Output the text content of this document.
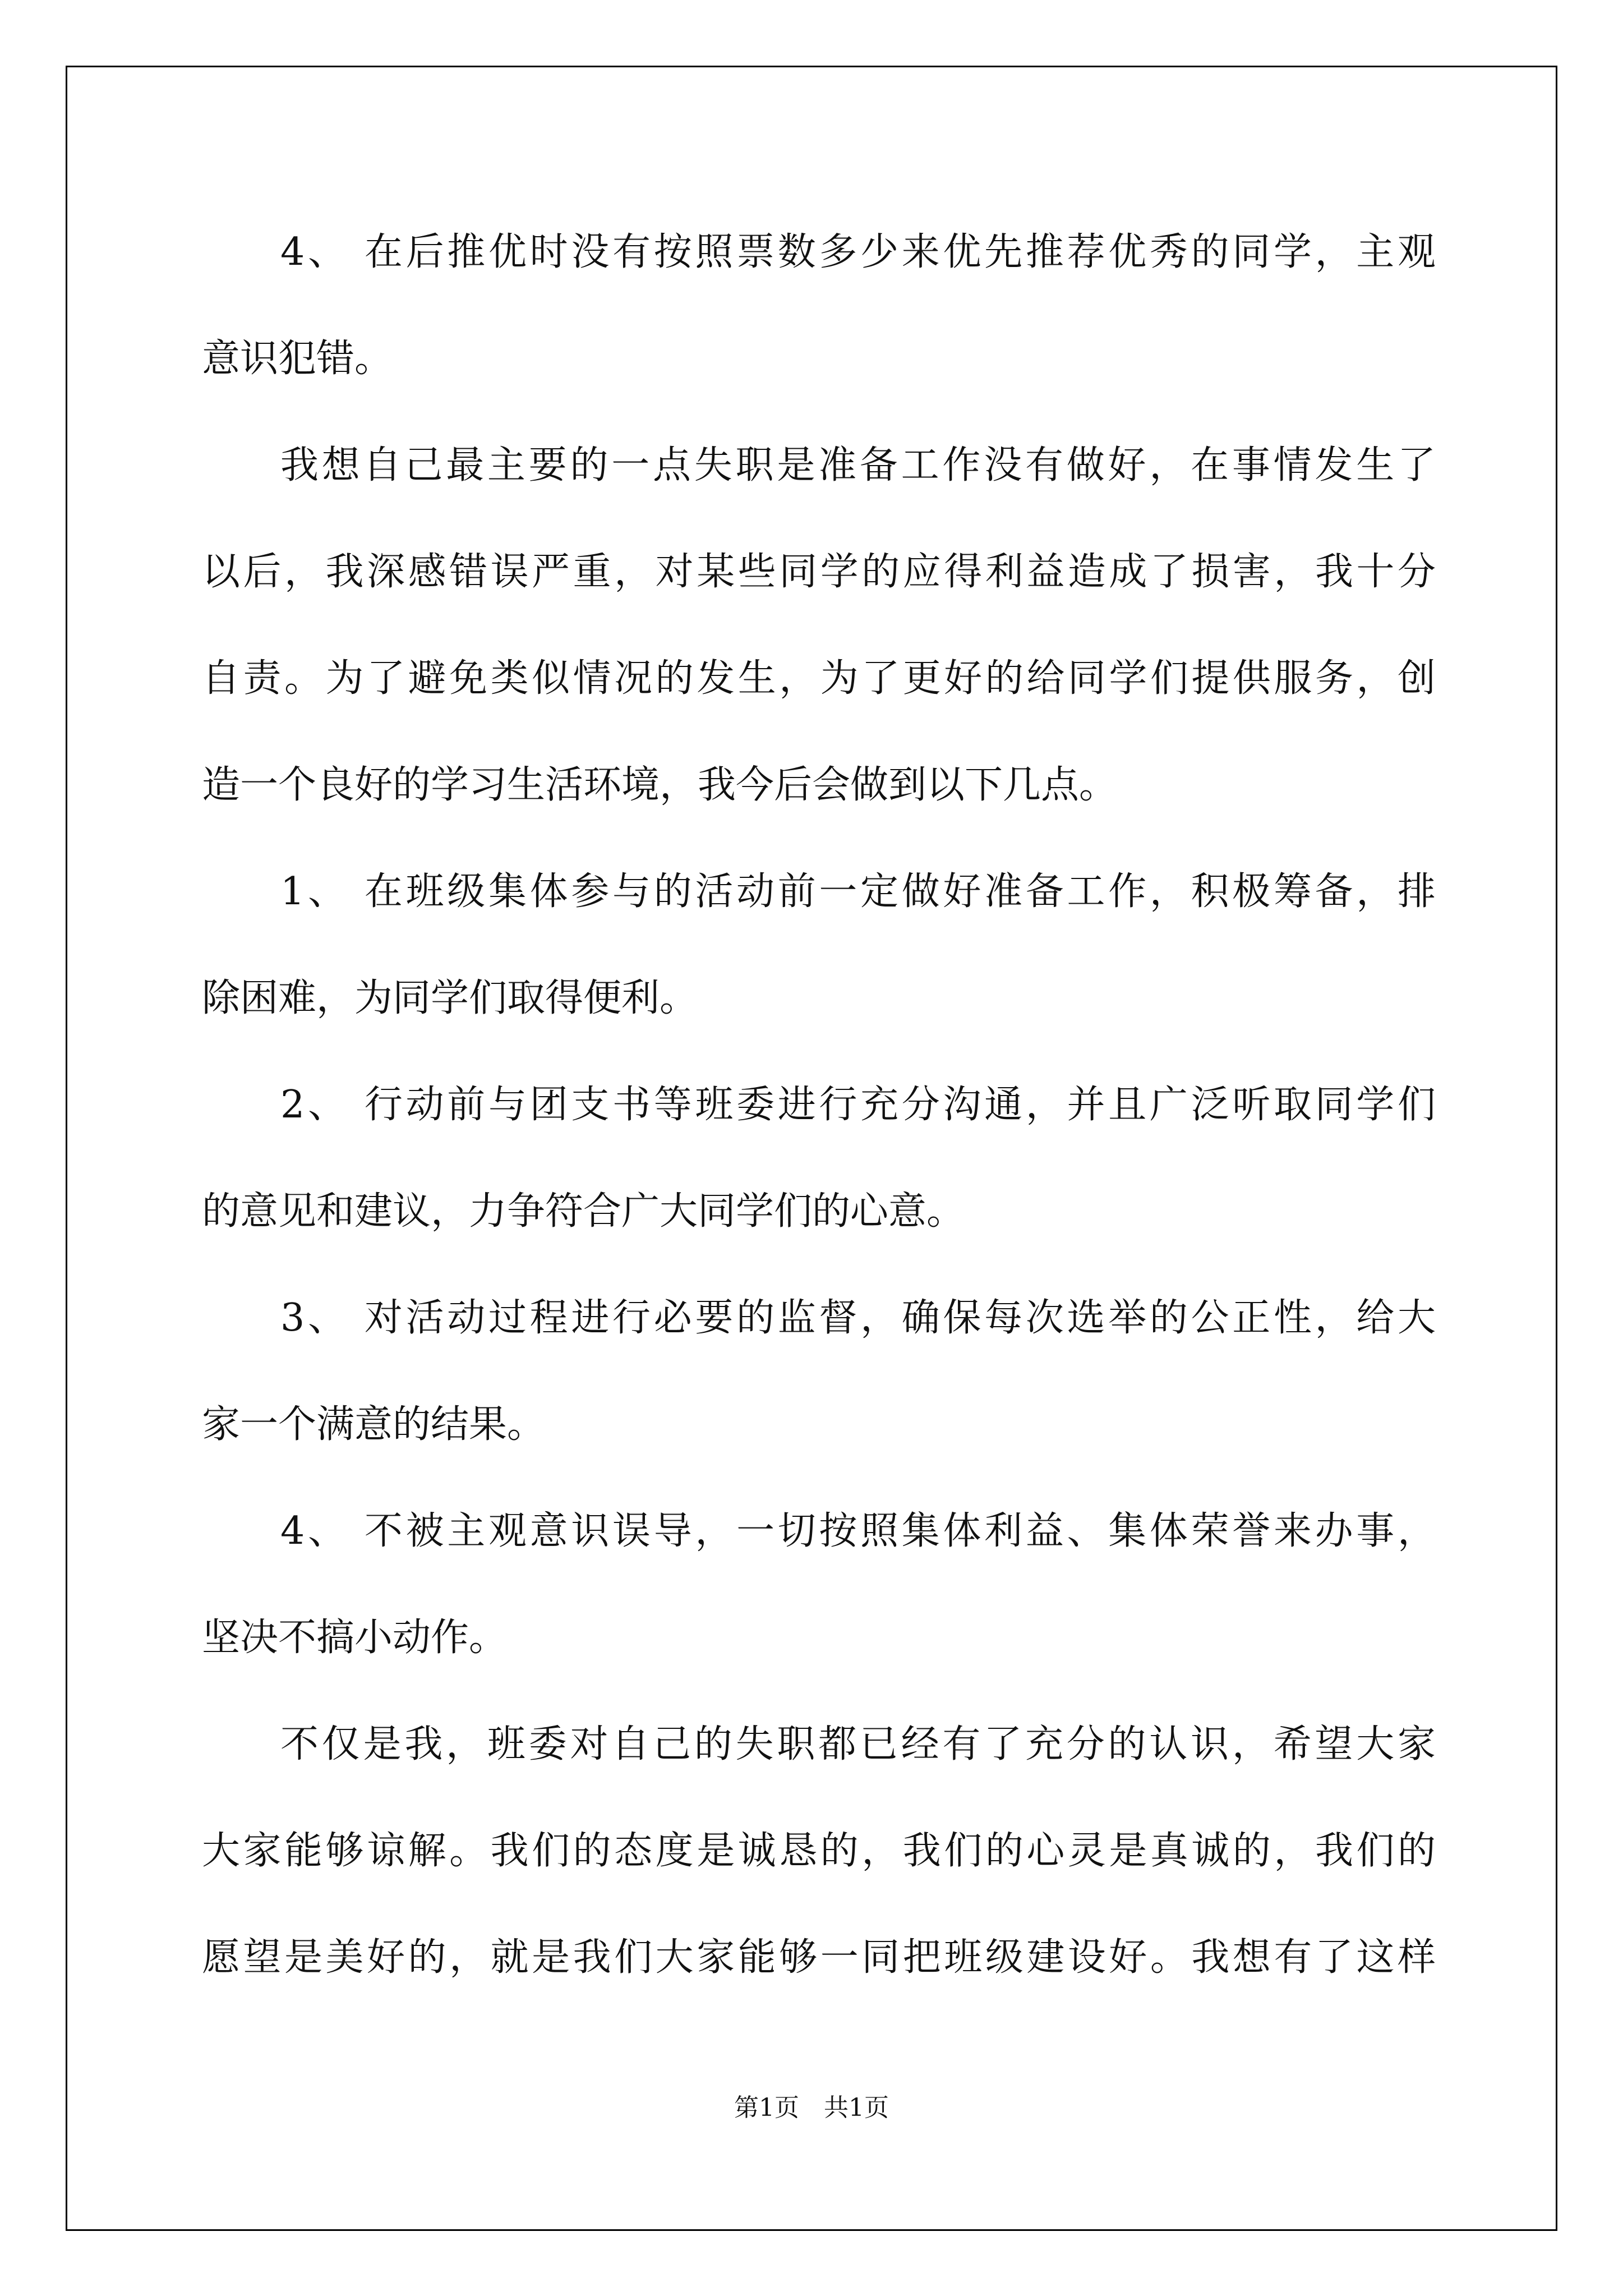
4、 在后推优时没有按照票数多少来优先推荐优秀的同学，主观
意识犯错。
我想自己最主要的一点失职是准备工作没有做好，在事情发生了
以后，我深感错误严重，对某些同学的应得利益造成了损害，我十分
自责。为了避免类似情况的发生，为了更好的给同学们提供服务，创
造一个良好的学习生活环境，我今后会做到以下几点。
1、 在班级集体参与的活动前一定做好准备工作，积极筹备，排
除困难，为同学们取得便利。
2、 行动前与团支书等班委进行充分沟通，并且广泛听取同学们
的意见和建议，力争符合广大同学们的心意。
3、 对活动过程进行必要的监督，确保每次选举的公正性，给大
家一个满意的结果。
4、 不被主观意识误导，一切按照集体利益、集体荣誉来办事，
坚决不搞小动作。
不仅是我，班委对自己的失职都已经有了充分的认识，希望大家
大家能够谅解。我们的态度是诚恳的，我们的心灵是真诚的，我们的
愿望是美好的，就是我们大家能够一同把班级建设好。我想有了这样
第1页　共1页
